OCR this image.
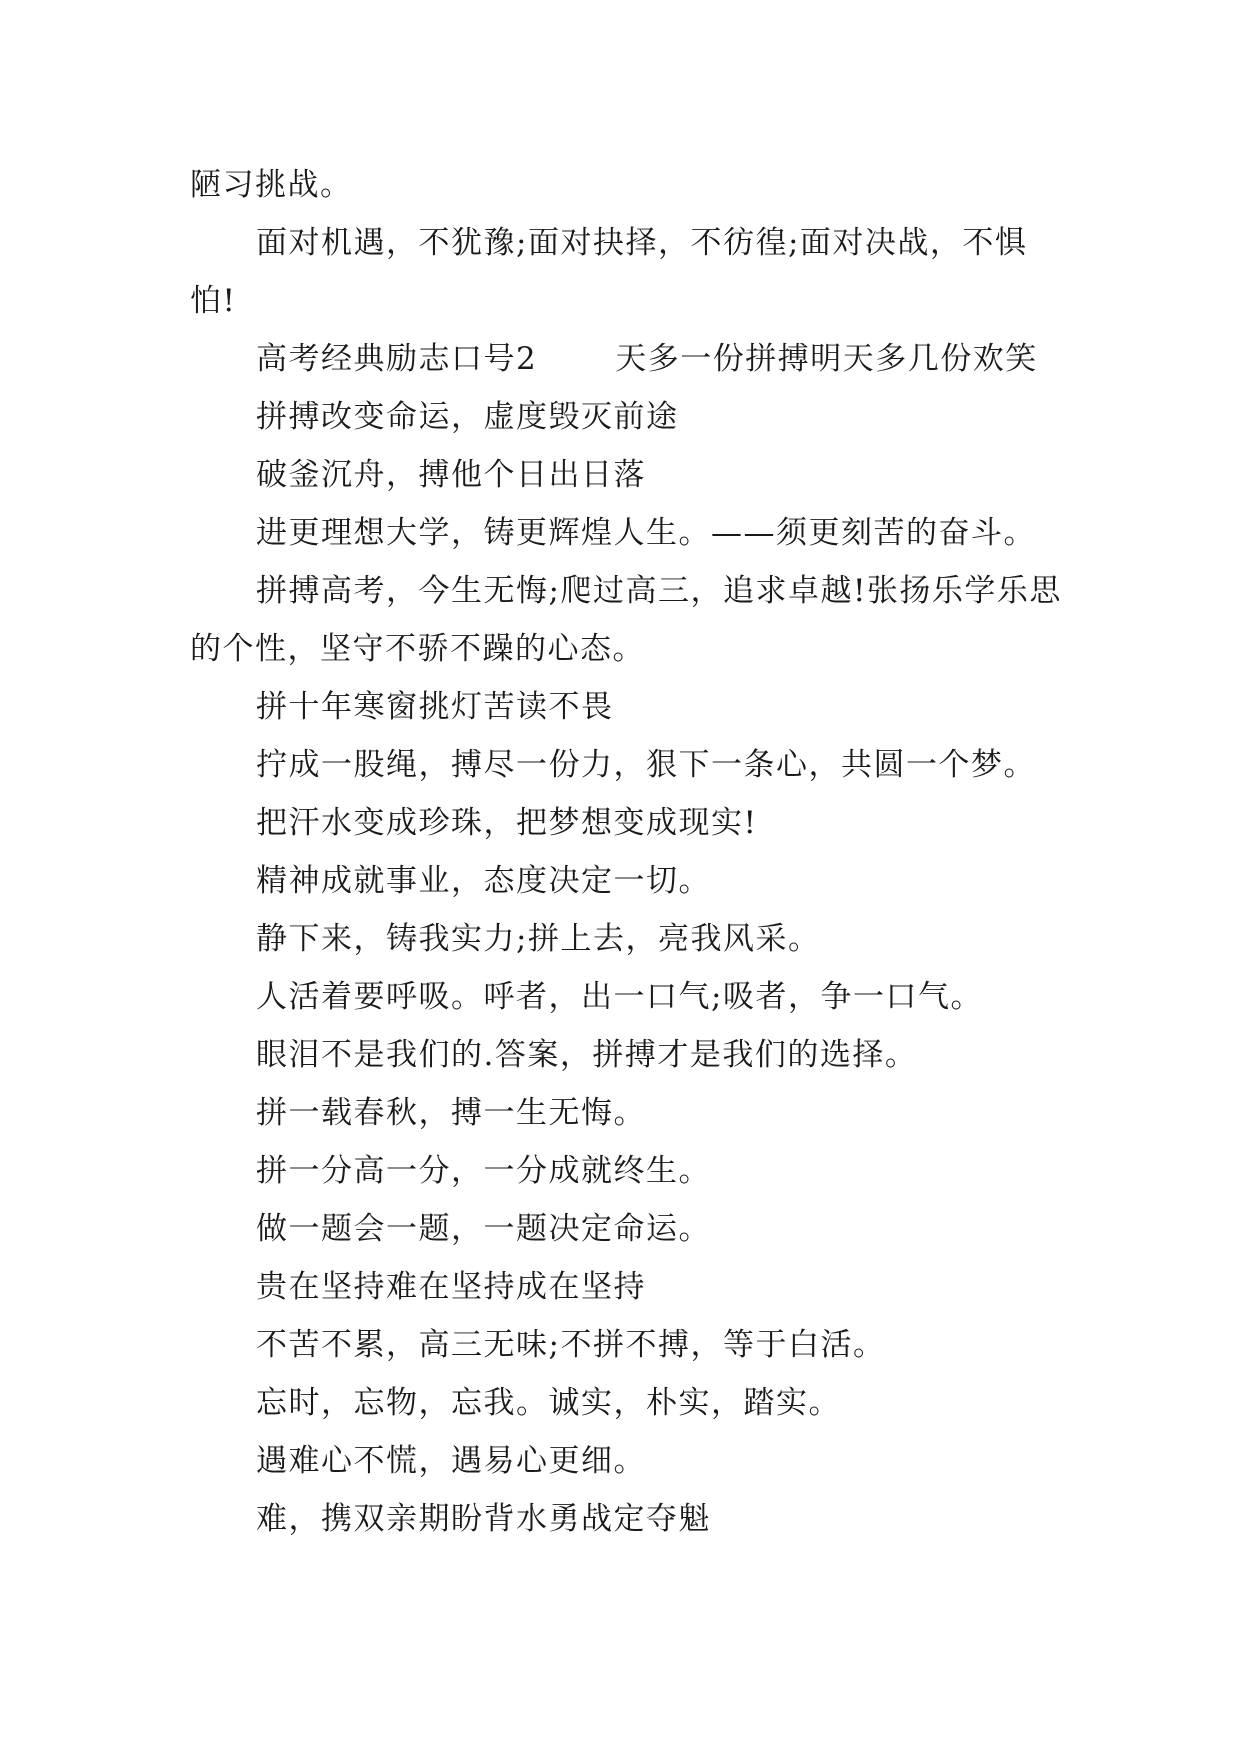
陋习挑战。

面对机遇，不犹豫;面对抉择，不彷徨;面对决战，不惧怕!

高考经典励志口号2	天多一份拼搏明天多几份欢笑

拼搏改变命运，虚度毁灭前途

破釜沉舟，搏他个日出日落

进更理想大学，铸更辉煌人生。——须更刻苦的奋斗。

拼搏高考，今生无悔;爬过高三，追求卓越!张扬乐学乐思的个性，坚守不骄不躁的心态。

拼十年寒窗挑灯苦读不畏

拧成一股绳，搏尽一份力，狠下一条心，共圆一个梦。

把汗水变成珍珠，把梦想变成现实!

精神成就事业，态度决定一切。

静下来，铸我实力;拼上去，亮我风采。

人活着要呼吸。呼者，出一口气;吸者，争一口气。

眼泪不是我们的.答案，拼搏才是我们的选择。

拼一载春秋，搏一生无悔。

拼一分高一分，一分成就终生。

做一题会一题，一题决定命运。

贵在坚持难在坚持成在坚持

不苦不累，高三无味;不拼不搏，等于白活。

忘时，忘物，忘我。诚实，朴实，踏实。

遇难心不慌，遇易心更细。

难，携双亲期盼背水勇战定夺魁
